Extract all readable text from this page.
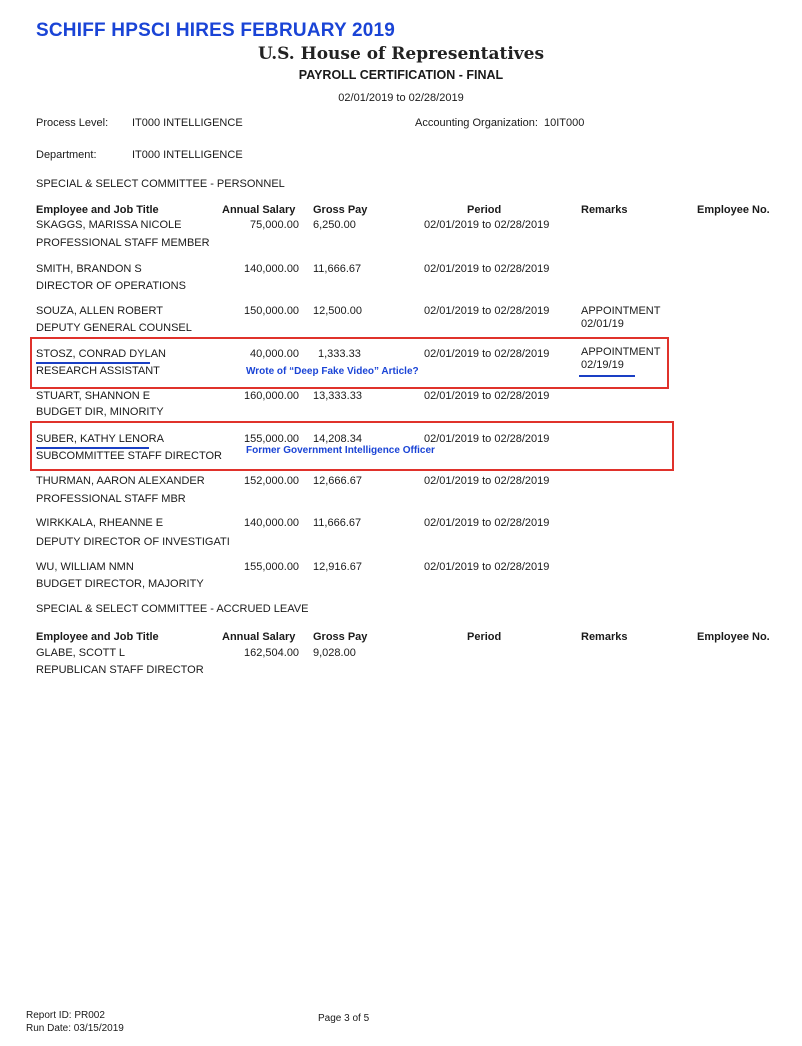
SCHIFF HPSCI HIRES FEBRUARY 2019
U.S. House of Representatives
PAYROLL CERTIFICATION - FINAL
02/01/2019 to 02/28/2019
Process Level: IT000 INTELLIGENCE	Accounting Organization: 10IT000
Department:	IT000 INTELLIGENCE
SPECIAL & SELECT COMMITTEE - PERSONNEL
Employee and Job Title	Annual Salary Gross Pay	Period	Remarks	Employee No.
SKAGGS, MARISSA NICOLE
PROFESSIONAL STAFF MEMBER
75,000.00 6,250.00	02/01/2019 to 02/28/2019
SMITH, BRANDON S
DIRECTOR OF OPERATIONS
140,000.00 11,666.67	02/01/2019 to 02/28/2019
SOUZA, ALLEN ROBERT
DEPUTY GENERAL COUNSEL
150,000.00 12,500.00	02/01/2019 to 02/28/2019	APPOINTMENT
02/01/19
STOSZ, CONRAD DYLAN
RESEARCH ASSISTANT
40,000.00 1,333.33	02/01/2019 to 02/28/2019	APPOINTMENT
02/19/19
Wrote of “Deep Fake Video” Article?
STUART, SHANNON E
BUDGET DIR, MINORITY
160,000.00 13,333.33	02/01/2019 to 02/28/2019
SUBER, KATHY LENORA
SUBCOMMITTEE STAFF DIRECTOR
155,000.00 14,208.34	02/01/2019 to 02/28/2019
Former Government Intelligence Officer
THURMAN, AARON ALEXANDER
PROFESSIONAL STAFF MBR
152,000.00 12,666.67	02/01/2019 to 02/28/2019
WIRKKALA, RHEANNE E
DEPUTY DIRECTOR OF INVESTIGATI
140,000.00 11,666.67	02/01/2019 to 02/28/2019
WU, WILLIAM NMN
BUDGET DIRECTOR, MAJORITY
155,000.00 12,916.67	02/01/2019 to 02/28/2019
SPECIAL & SELECT COMMITTEE - ACCRUED LEAVE
Employee and Job Title	Annual Salary Gross Pay	Period	Remarks	Employee No.
GLABE, SCOTT L
REPUBLICAN STAFF DIRECTOR
162,504.00 9,028.00
Report ID: PR002
Run Date: 03/15/2019
Page 3 of 5
